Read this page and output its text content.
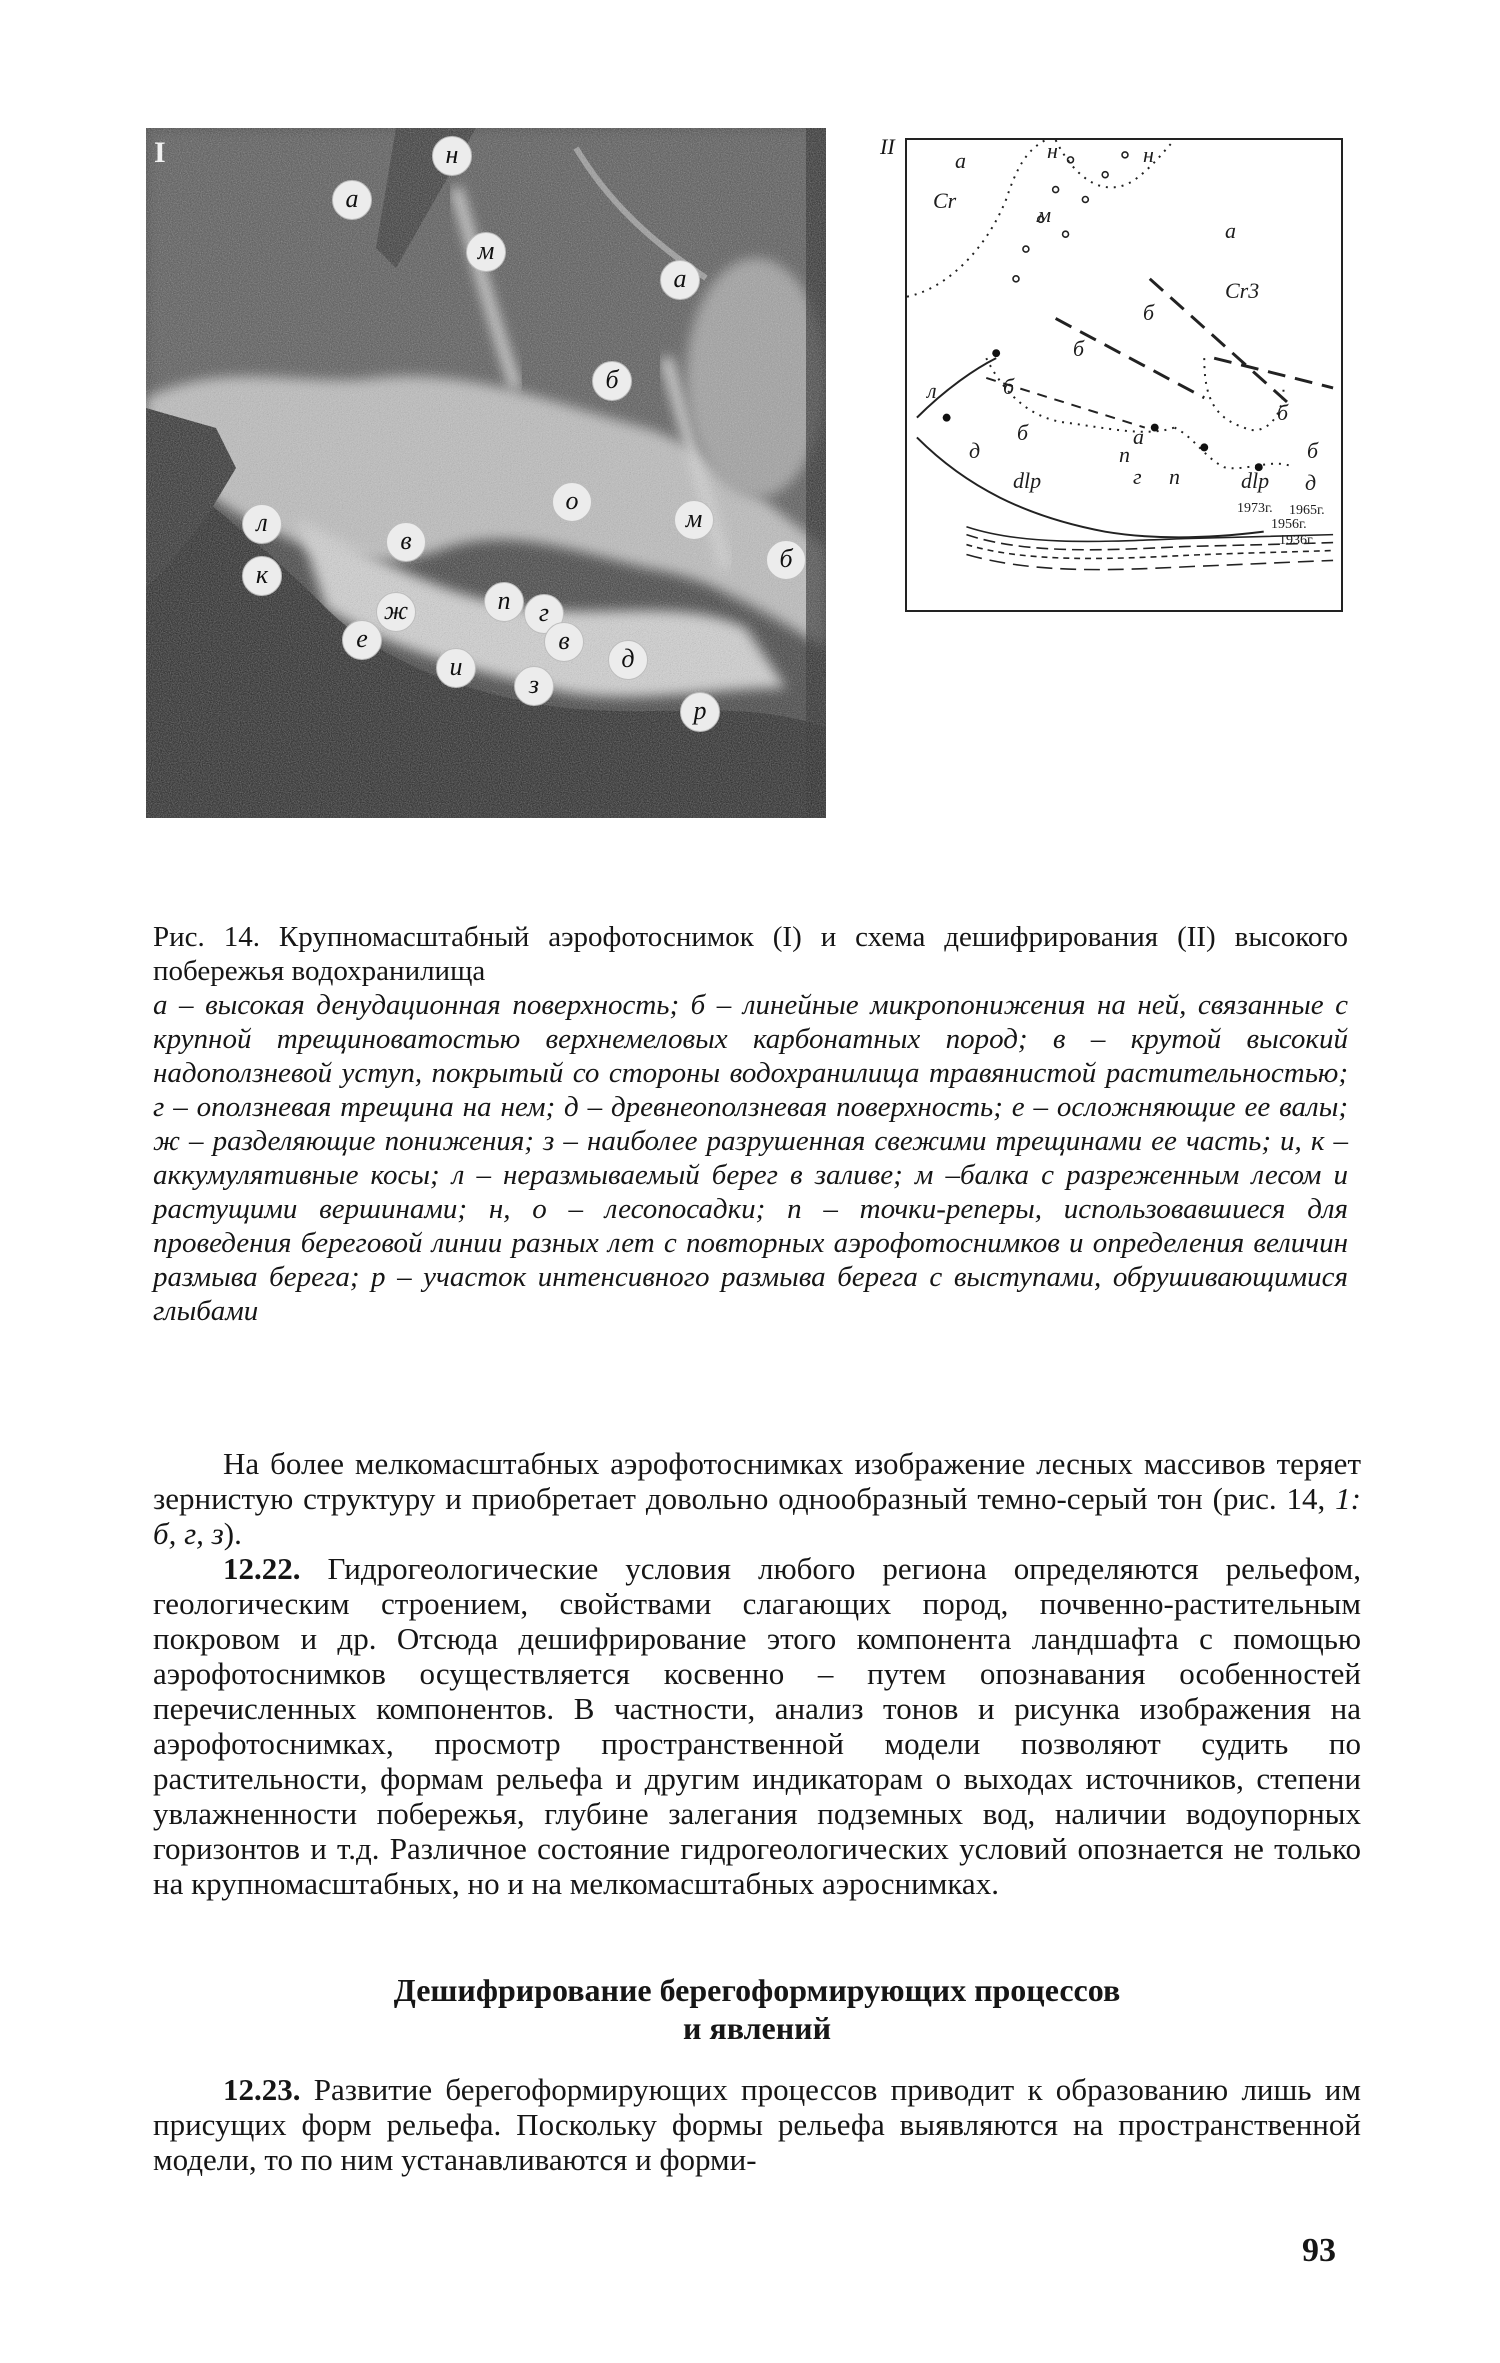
I	н
а
м
а
б
о
м
б
л
к
в
п	г
ж
е	в
и
з
д
р
II
а	н	н
Cr
м
а
Cr3
б
б
л	б
б
д
б	а
п	б
dlp	г п	dlp д
1973г. 1965г.
1956г.
1936г.
Рис. 14. Крупномасштабный аэрофотоснимок (I) и схема дешифрирования (II) высокого побережья водохранилища
а – высокая денудационная поверхность; б – линейные микропонижения на ней, связанные с крупной трещиноватостью верхнемеловых карбонатных пород; в – крутой высокий надоползневой уступ, покрытый со стороны водохранилища травянистой растительностью; г – оползневая трещина на нем; д – древнеоползневая поверхность; е – осложняющие ее валы; ж – разделяющие понижения; з – наиболее разрушенная свежими трещинами ее часть; и, к – аккумулятивные косы; л – неразмываемый берег в заливе; м –балка с разреженным лесом и растущими вершинами; н, о – лесопосадки; п – точки-реперы, использовавшиеся для проведения береговой линии разных лет с повторных аэрофотоснимков и определения величин размыва берега; р – участок интенсивного размыва берега с выступами, обрушивающимися глыбами

На более мелкомасштабных аэрофотоснимках изображение лесных массивов теряет зернистую структуру и приобретает довольно однообразный темно-серый тон (рис. 14, 1: б, г, з).

12.22. Гидрогеологические условия любого региона определяются рельефом, геологическим строением, свойствами слагающих пород, почвенно-растительным покровом и др. Отсюда дешифрирование этого компонента ландшафта с помощью аэрофотоснимков осуществляется косвенно – путем опознавания особенностей перечисленных компонентов. В частности, анализ тонов и рисунка изображения на аэрофотоснимках, просмотр пространственной модели позволяют судить по растительности, формам рельефа и другим индикаторам о выходах источников, степени увлажненности побережья, глубине залегания подземных вод, наличии водоупорных горизонтов и т.д. Различное состояние гидрогеологических условий опознается не только на крупномасштабных, но и на мелкомасштабных аэроснимках.

Дешифрирование берегоформирующих процессов
и явлений

12.23. Развитие берегоформирующих процессов приводит к образованию лишь им присущих форм рельефа. Поскольку формы рельефа выявляются на пространственной модели, то по ним устанавливаются и форми-

93
